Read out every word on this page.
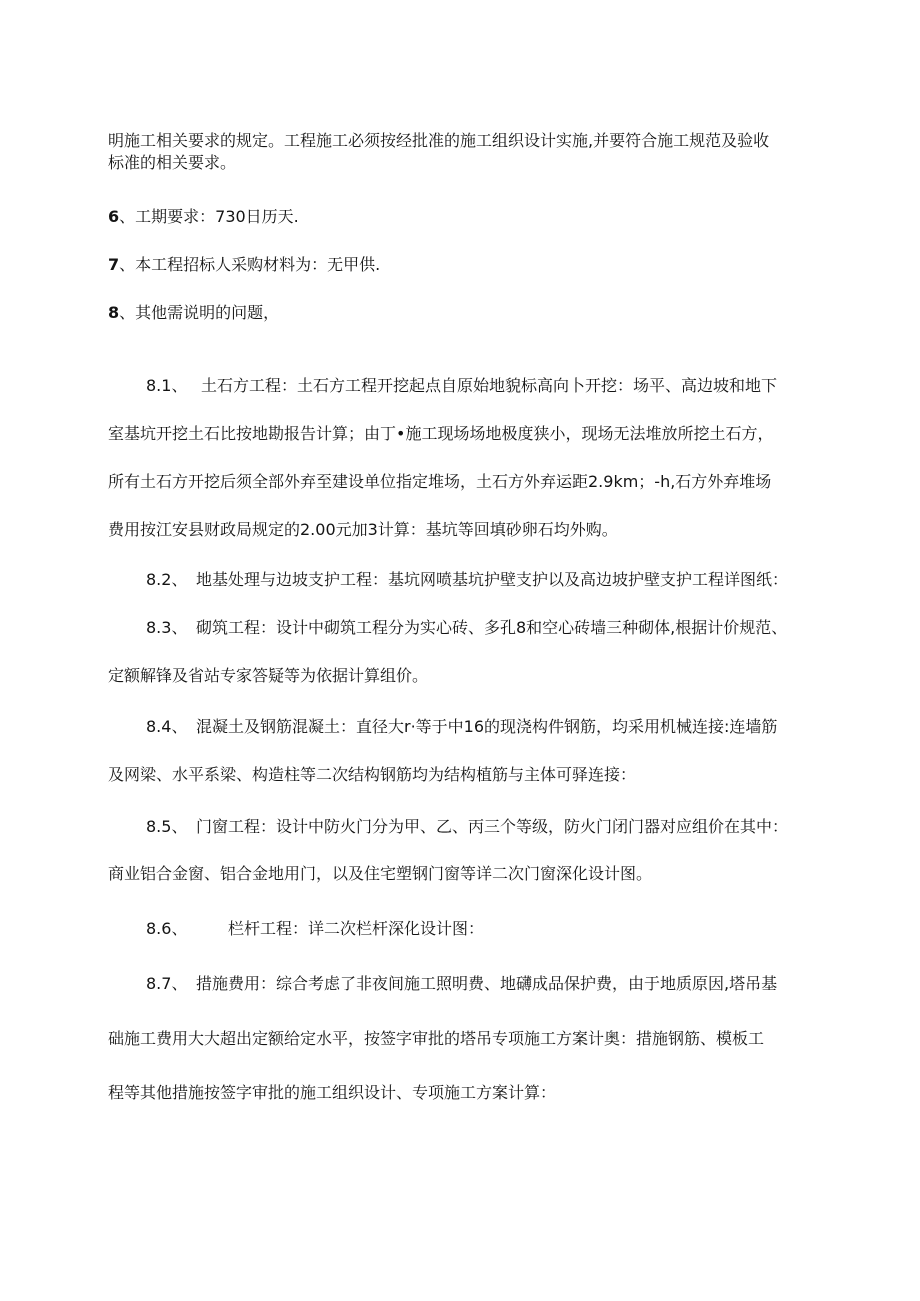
明施工相关要求的规定。工程施工必须按经批准的施工组织设计实施,并要符合施工规范及验收
标准的相关要求。
6、工期要求：730日历天.
7、本工程招标人采购材料为：无甲供.
8、其他需说明的问题，
8.1、 土石方工程：土石方工程开挖起点自原始地貌标高向卜开挖：场平、高边坡和地下
室基坑开挖土石比按地勘报告计算；由丁•施工现场场地极度狭小，现场无法堆放所挖土石方，
所有土石方开挖后须全部外弃至建设单位指定堆场，土石方外弃运距2.9km；-h,石方外弃堆场
费用按江安县财政局规定的2.00元加3计算：基坑等回填砂卵石均外购。
8.2、 地基处理与边坡支护工程：基坑网喷基坑护壁支护以及高边坡护壁支护工程详图纸：
8.3、 砌筑工程：设计中砌筑工程分为实心砖、多孔8和空心砖墙三种砌体,根据计价规范、
定额解锋及省站专家答疑等为依据计算组价。
8.4、 混凝土及钢筋混凝土：直径大r·等于中16的现浇构件钢筋，均采用机械连接:连墙筋
及网梁、水平系梁、构造柱等二次结构钢筋均为结构植筋与主体可驿连接：
8.5、 门窗工程：设计中防火门分为甲、乙、丙三个等级，防火门闭门器对应组价在其中：
商业铝合金窗、铝合金地用门，以及住宅塑钢门窗等详二次门窗深化设计图。
8.6、	栏杆工程：详二次栏杆深化设计图：
8.7、 措施费用：综合考虑了非夜间施工照明费、地礴成品保护费，由于地质原因,塔吊基
础施工费用大大超出定额给定水平，按签字审批的塔吊专项施工方案计奥：措施钢筋、模板工
程等其他措施按签字审批的施工组织设计、专项施工方案计算：
